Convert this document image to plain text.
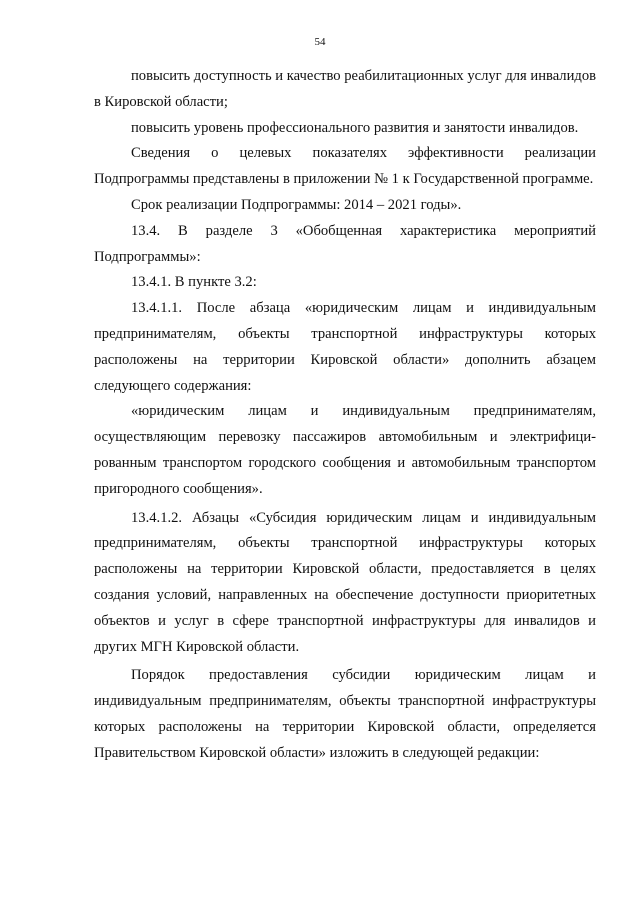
54

повысить доступность и качество реабилитационных услуг для инвалидов в Кировской области;

повысить уровень профессионального развития и занятости инвалидов.

Сведения о целевых показателях эффективности реализации Подпрограммы представлены в приложении № 1 к Государственной программе.

Срок реализации Подпрограммы: 2014 – 2021 годы».

13.4. В разделе 3 «Обобщенная характеристика мероприятий Подпрограммы»:

13.4.1. В пункте 3.2:

13.4.1.1. После абзаца «юридическим лицам и индивидуальным предпринимателям, объекты транспортной инфраструктуры которых расположены на территории Кировской области» дополнить абзацем следующего содержания:

«юридическим лицам и индивидуальным предпринимателям, осуществляющим перевозку пассажиров автомобильным и электрифици-рованным транспортом городского сообщения и автомобильным транспортом пригородного сообщения».

13.4.1.2. Абзацы «Субсидия юридическим лицам и индивидуальным предпринимателям, объекты транспортной инфраструктуры которых расположены на территории Кировской области, предоставляется в целях создания условий, направленных на обеспечение доступности приоритетных объектов и услуг в сфере транспортной инфраструктуры для инвалидов и других МГН Кировской области.

Порядок предоставления субсидии юридическим лицам и индивидуальным предпринимателям, объекты транспортной инфраструктуры которых расположены на территории Кировской области, определяется Правительством Кировской области» изложить в следующей редакции:
